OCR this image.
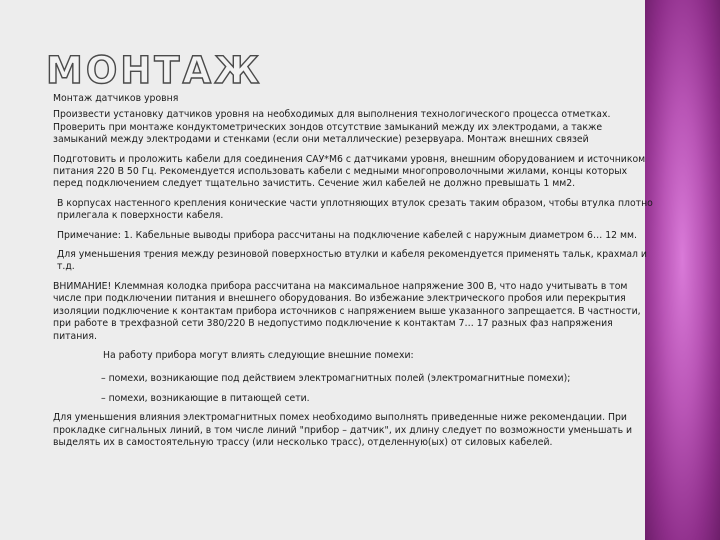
МОНТАЖ

Монтаж датчиков уровня

Произвести установку датчиков уровня на необходимых для выполнения технологического процесса отметках. Проверить при монтаже кондуктометрических зондов отсутствие замыканий между их электродами, а также замыканий между электродами и стенками (если они металлические) резервуара. Монтаж внешних связей

Подготовить и проложить кабели для соединения САУ*М6 с датчиками уровня, внешним оборудованием и источником питания 220 В 50 Гц. Рекомендуется использовать кабели с медными многопроволочными жилами, концы которых перед подключением следует тщательно зачистить. Сечение жил кабелей не должно превышать 1 мм2.

В корпусах настенного крепления конические части уплотняющих втулок срезать таким образом, чтобы втулка плотно прилегала к поверхности кабеля.

Примечание: 1. Кабельные выводы прибора рассчитаны на подключение кабелей с наружным диаметром 6… 12 мм.

Для уменьшения трения между резиновой поверхностью втулки и кабеля рекомендуется применять тальк, крахмал и т.д.

ВНИМАНИЕ! Клеммная колодка прибора рассчитана на максимальное напряжение 300 В, что надо учитывать в том числе при подключении питания и внешнего оборудования. Во избежание электрического пробоя или перекрытия изоляции подключение к контактам прибора источников с напряжением выше указанного запрещается. В частности, при работе в трехфазной сети 380/220 В недопустимо подключение к контактам 7… 17 разных фаз напряжения питания.

На работу прибора могут влиять следующие внешние помехи:

– помехи, возникающие под действием электромагнитных полей (электромагнитные помехи);

– помехи, возникающие в питающей сети.

Для уменьшения влияния электромагнитных помех необходимо выполнять приведенные ниже рекомендации. При прокладке сигнальных линий, в том числе линий "прибор – датчик", их длину следует по возможности уменьшать и выделять их в самостоятельную трассу (или несколько трасс), отделенную(ых) от силовых кабелей.
